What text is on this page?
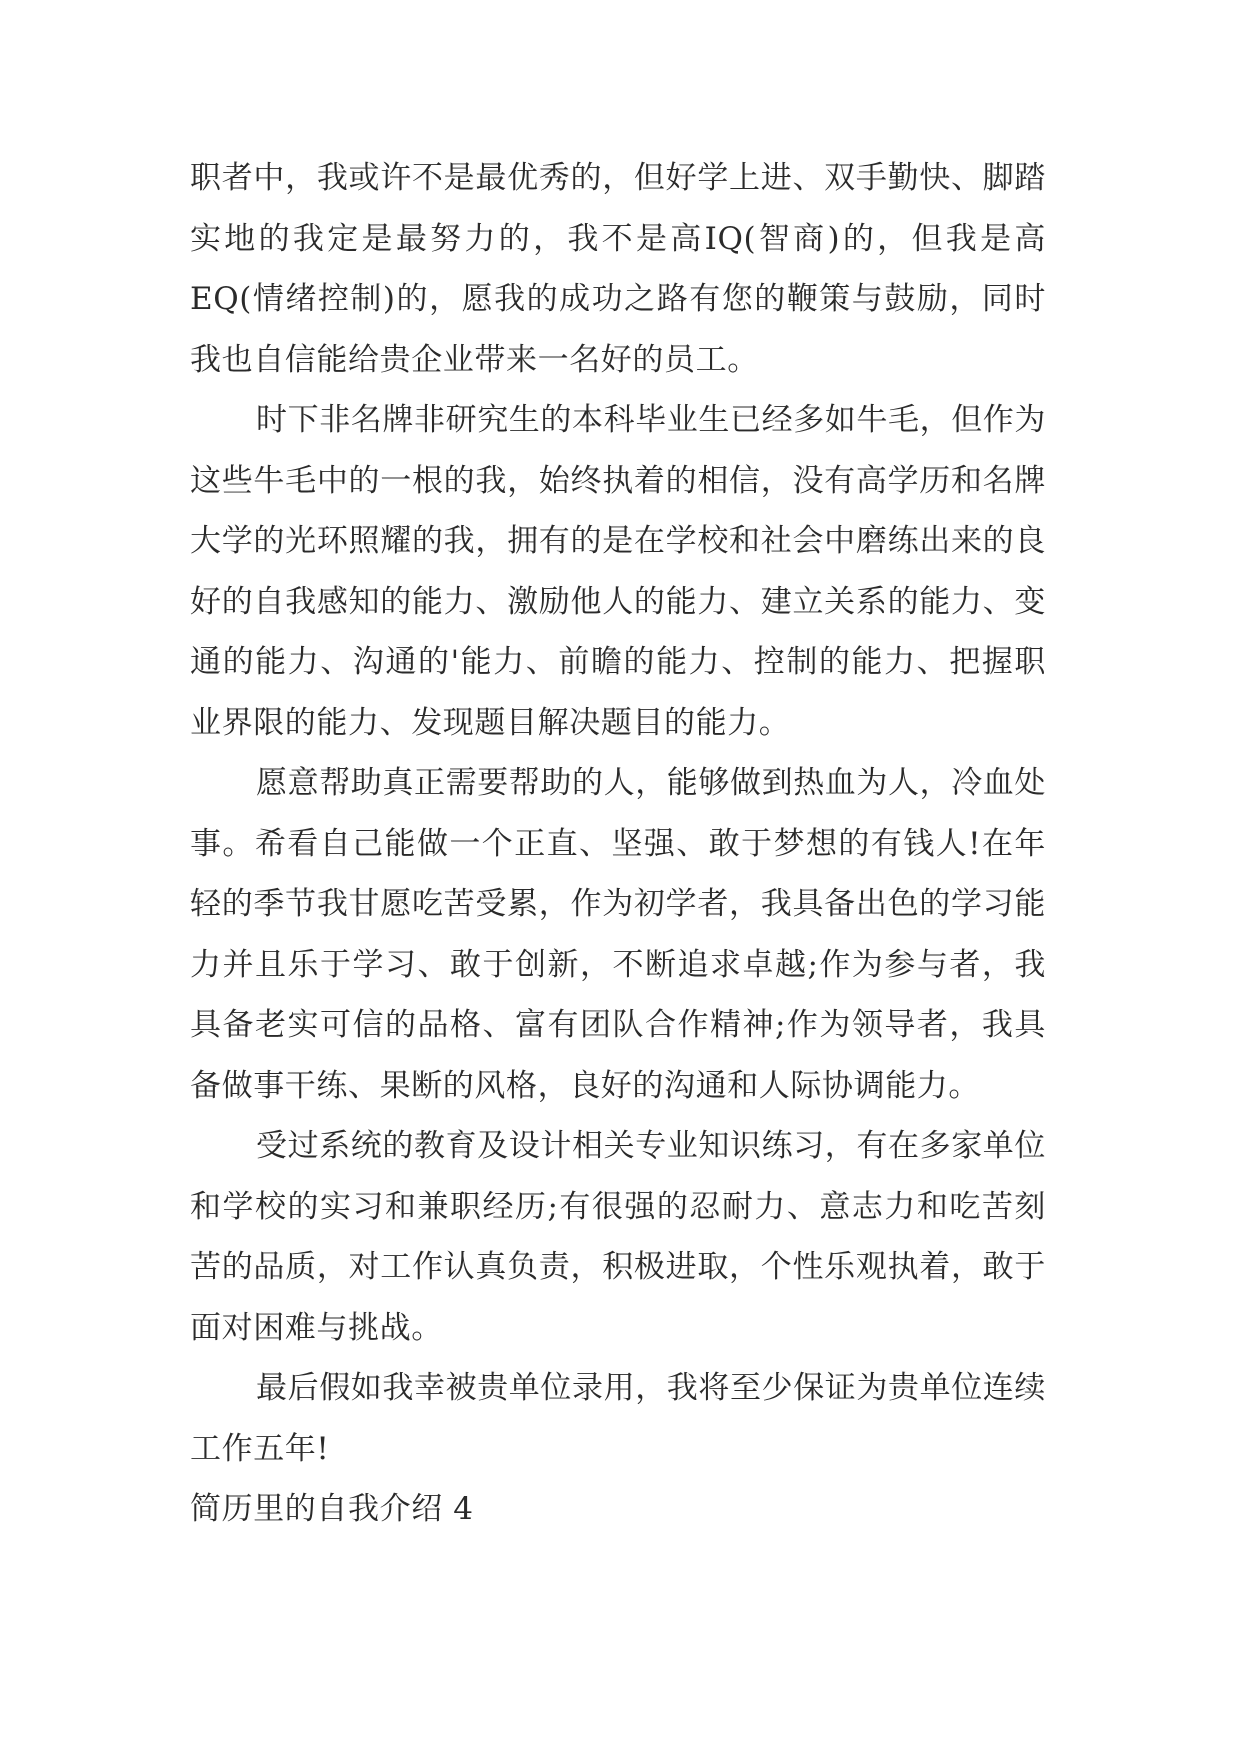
职者中，我或许不是最优秀的，但好学上进、双手勤快、脚踏实地的我定是最努力的，我不是高IQ(智商)的，但我是高EQ(情绪控制)的，愿我的成功之路有您的鞭策与鼓励，同时我也自信能给贵企业带来一名好的员工。

时下非名牌非研究生的本科毕业生已经多如牛毛，但作为这些牛毛中的一根的我，始终执着的相信，没有高学历和名牌大学的光环照耀的我，拥有的是在学校和社会中磨练出来的良好的自我感知的能力、激励他人的能力、建立关系的能力、变通的能力、沟通的'能力、前瞻的能力、控制的能力、把握职业界限的能力、发现题目解决题目的能力。

愿意帮助真正需要帮助的人，能够做到热血为人，冷血处事。希看自己能做一个正直、坚强、敢于梦想的有钱人!在年轻的季节我甘愿吃苦受累，作为初学者，我具备出色的学习能力并且乐于学习、敢于创新，不断追求卓越;作为参与者，我具备老实可信的品格、富有团队合作精神;作为领导者，我具备做事干练、果断的风格，良好的沟通和人际协调能力。

受过系统的教育及设计相关专业知识练习，有在多家单位和学校的实习和兼职经历;有很强的忍耐力、意志力和吃苦刻苦的品质，对工作认真负责，积极进取，个性乐观执着，敢于面对困难与挑战。

最后假如我幸被贵单位录用，我将至少保证为贵单位连续工作五年!

简历里的自我介绍 4
